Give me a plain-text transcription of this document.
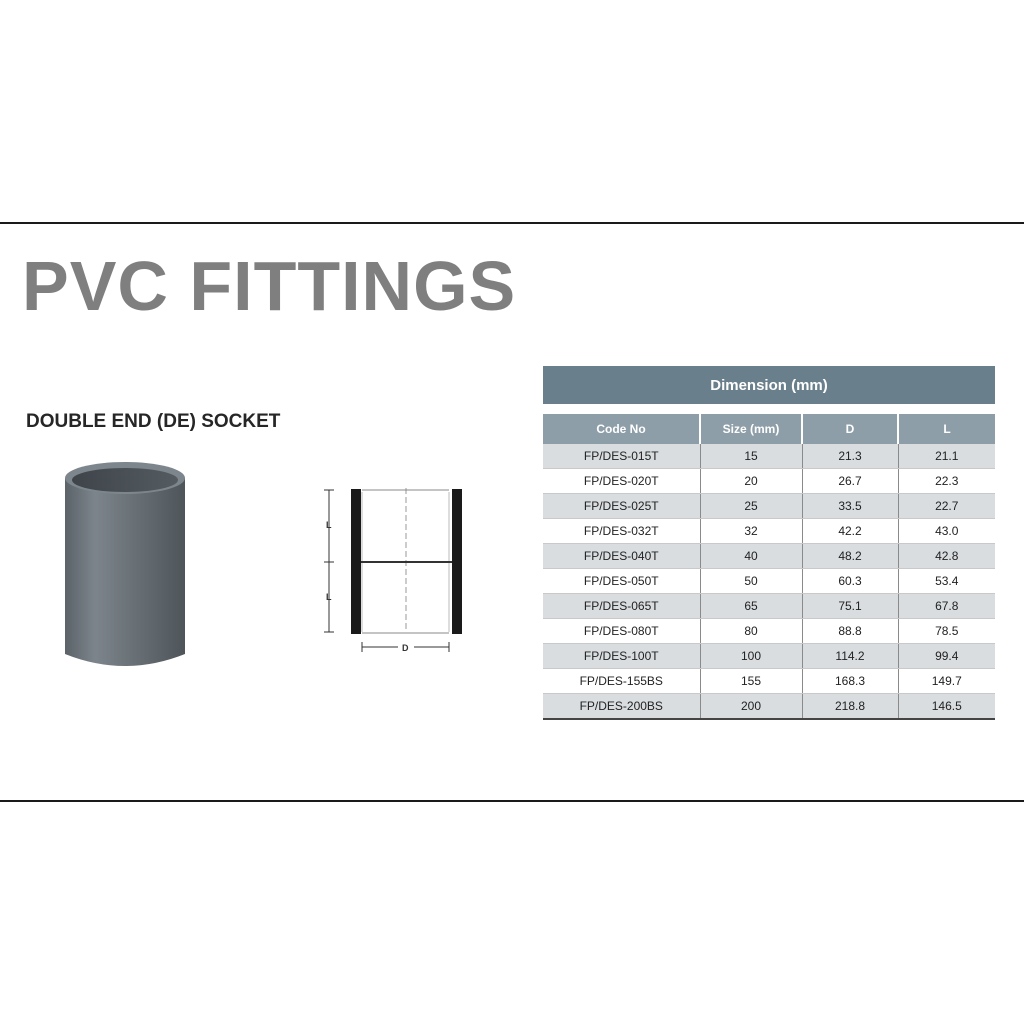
PVC FITTINGS
DOUBLE END (DE) SOCKET
L
L
D
Dimension (mm)			
Code No	Size (mm)	D	L
FP/DES-015T	15	21.3	21.1
FP/DES-020T	20	26.7	22.3
FP/DES-025T	25	33.5	22.7
FP/DES-032T	32	42.2	43.0
FP/DES-040T	40	48.2	42.8
FP/DES-050T	50	60.3	53.4
FP/DES-065T	65	75.1	67.8
FP/DES-080T	80	88.8	78.5
FP/DES-100T	100	114.2	99.4
FP/DES-155BS	155	168.3	149.7
FP/DES-200BS	200	218.8	146.5
